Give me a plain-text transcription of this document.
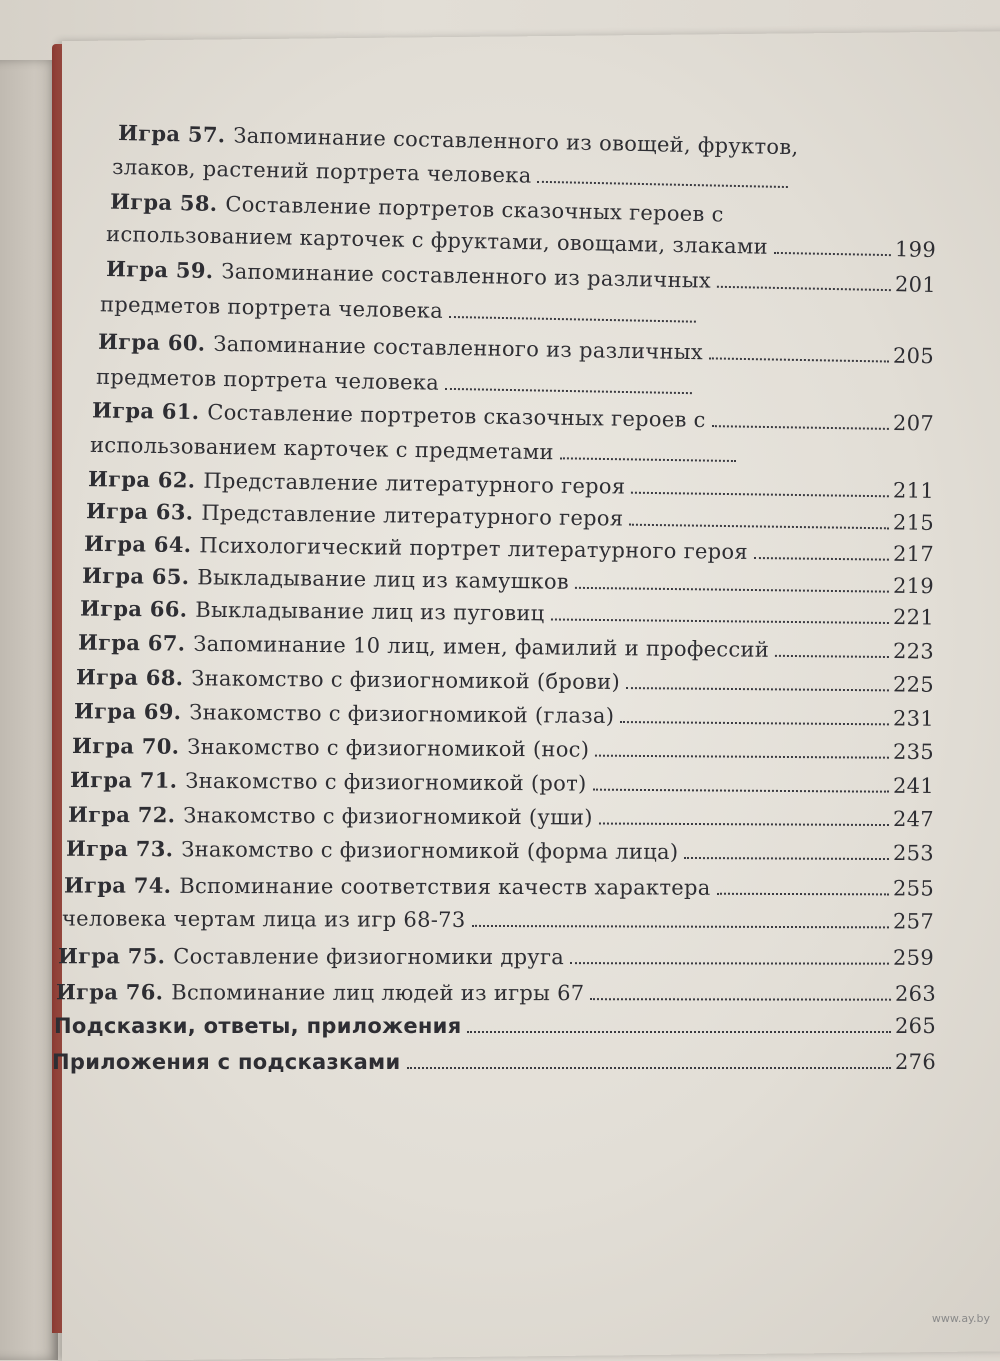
Игра 57. Запоминание составленного из овощей, фруктов,
злаков, растений портрета человека
Игра 58. Составление портретов сказочных героев с
использованием карточек с фруктами, овощами, злаками	199
Игра 59. Запоминание составленного из различных	201
предметов портрета человека
Игра 60. Запоминание составленного из различных	205
предметов портрета человека
Игра 61. Составление портретов сказочных героев с	207
использованием карточек с предметами
Игра 62. Представление литературного героя	211
Игра 63. Представление литературного героя	215
Игра 64. Психологический портрет литературного героя	217
Игра 65. Выкладывание лиц из камушков	219
Игра 66. Выкладывание лиц из пуговиц	221
Игра 67. Запоминание 10 лиц, имен, фамилий и профессий	223
Игра 68. Знакомство с физиогномикой (брови)	225
Игра 69. Знакомство с физиогномикой (глаза)	231
Игра 70. Знакомство с физиогномикой (нос)	235
Игра 71. Знакомство с физиогномикой (рот)	241
Игра 72. Знакомство с физиогномикой (уши)	247
Игра 73. Знакомство с физиогномикой (форма лица)	253
Игра 74. Вспоминание соответствия качеств характера	255
человека чертам лица из игр 68-73	257
Игра 75. Составление физиогномики друга	259
Игра 76. Вспоминание лиц людей из игры 67	263
Подсказки, ответы, приложения	265
Приложения с подсказками	276
www.ay.by
